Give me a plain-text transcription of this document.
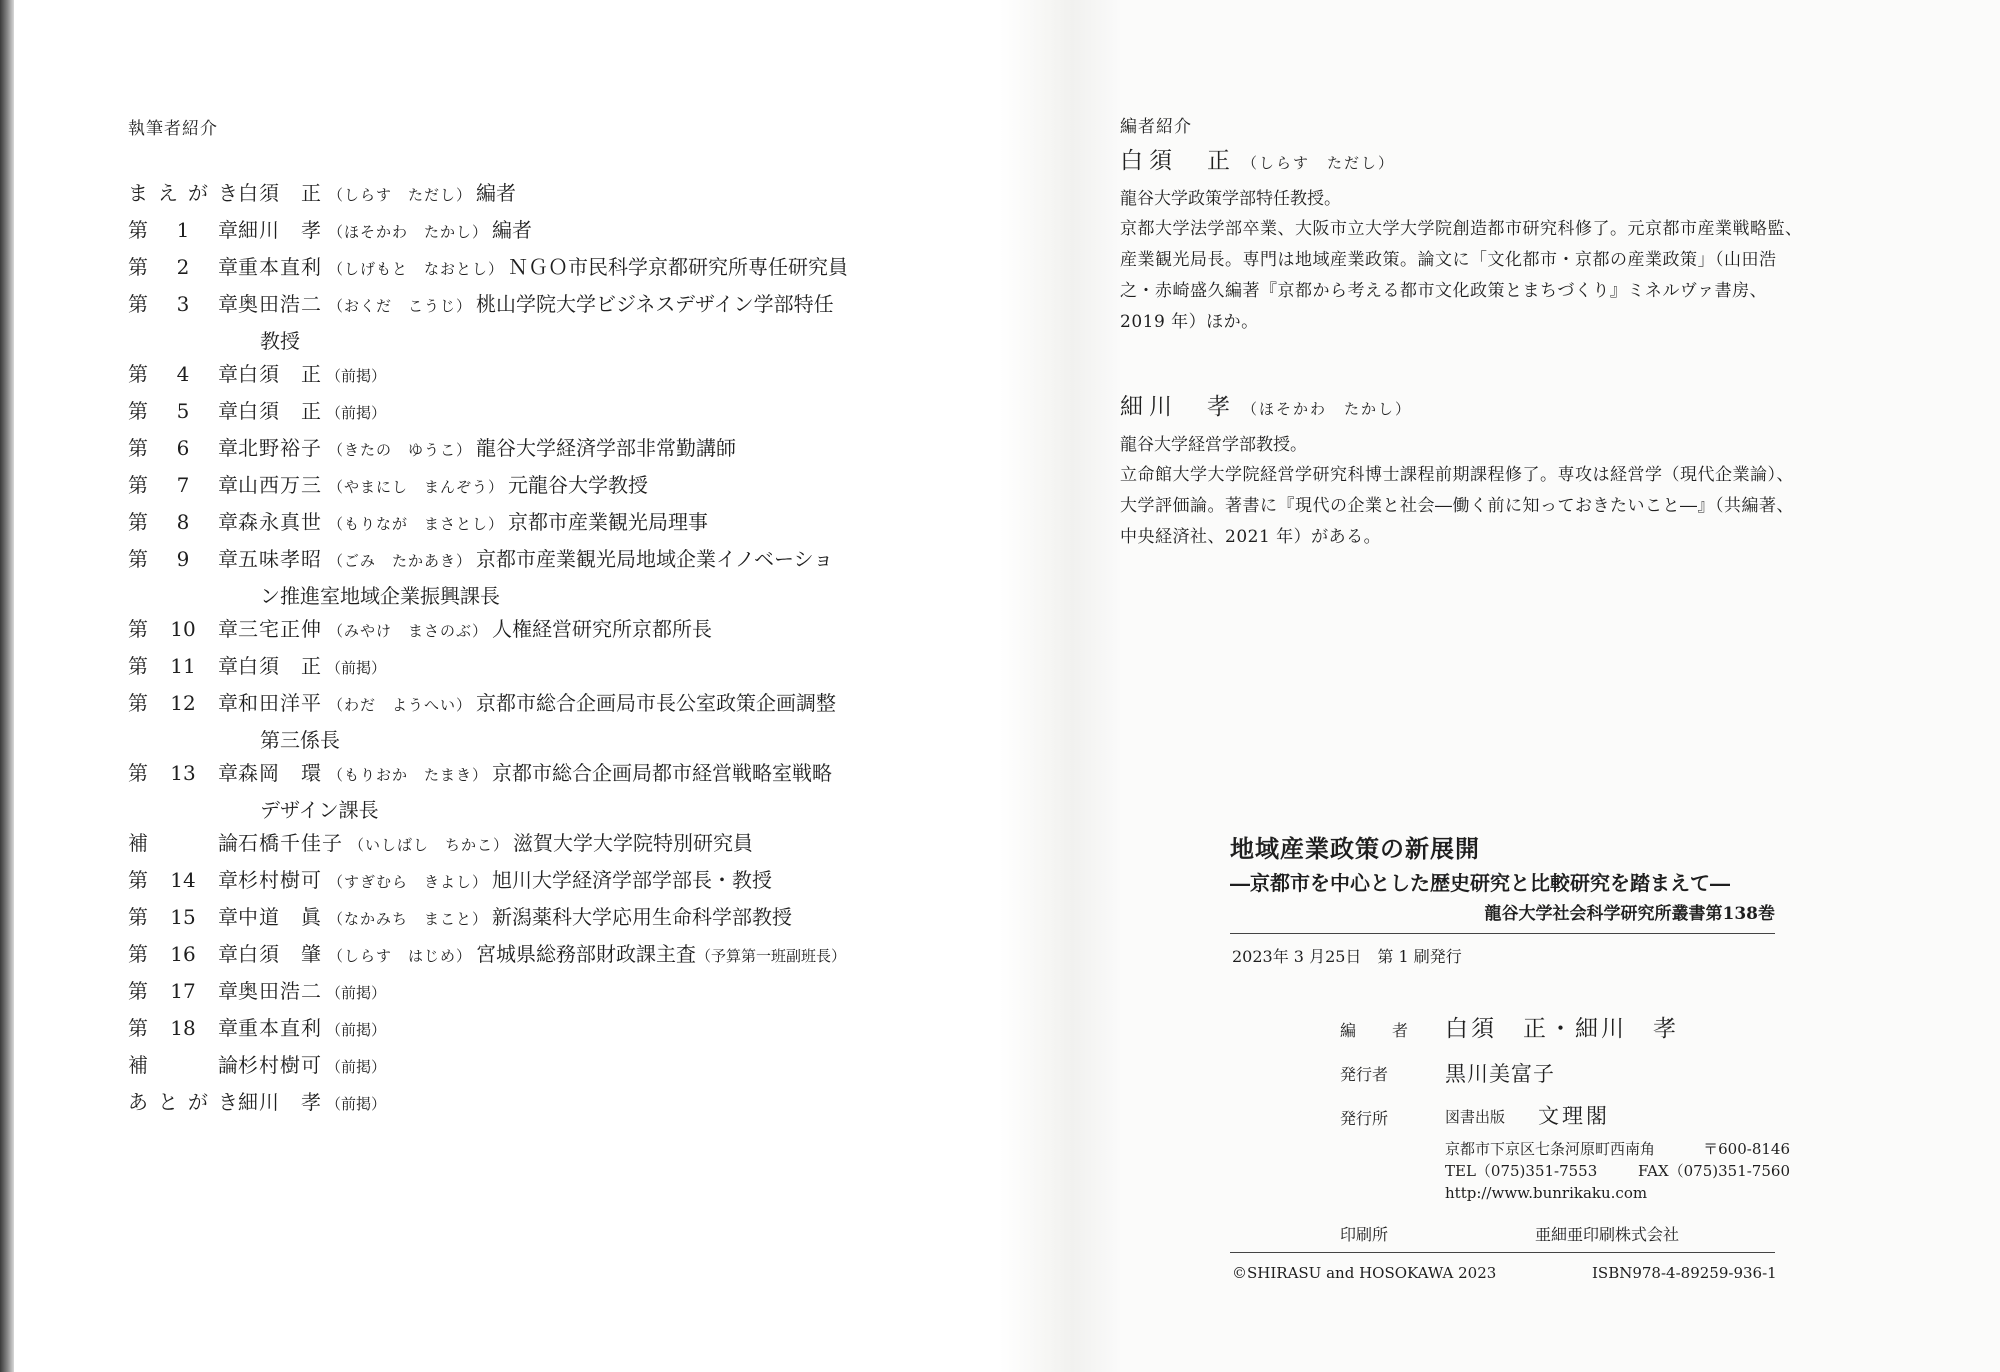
執筆者紹介
ま え が き 白須　正 （しらす　ただし） 編者
第 1 章 細川　孝 （ほそかわ　たかし） 編者
第 2 章 重本直利 （しげもと　なおとし） ＮＧＯ市民科学京都研究所専任研究員
第 3 章 奥田浩二 （おくだ　こうじ） 桃山学院大学ビジネスデザイン学部特任
教授
第 4 章 白須　正 （前掲）
第 5 章 白須　正 （前掲）
第 6 章 北野裕子 （きたの　ゆうこ） 龍谷大学経済学部非常勤講師
第 7 章 山西万三 （やまにし　まんぞう） 元龍谷大学教授
第 8 章 森永真世 （もりなが　まさとし） 京都市産業観光局理事
第 9 章 五味孝昭 （ごみ　たかあき） 京都市産業観光局地域企業イノベーショ
ン推進室地域企業振興課長
第 10 章 三宅正伸 （みやけ　まさのぶ） 人権経営研究所京都所長
第 11 章 白須　正 （前掲）
第 12 章 和田洋平 （わだ　ようへい） 京都市総合企画局市長公室政策企画調整
第三係長
第 13 章 森岡　環 （もりおか　たまき） 京都市総合企画局都市経営戦略室戦略
デザイン課長
補	論 石橋千佳子 （いしばし　ちかこ） 滋賀大学大学院特別研究員
第 14 章 杉村樹可 （すぎむら　きよし） 旭川大学経済学部学部長・教授
第 15 章 中道　眞 （なかみち　まこと） 新潟薬科大学応用生命科学部教授
第 16 章 白須　肇 （しらす　はじめ） 宮城県総務部財政課主査（予算第一班副班長）
第 17 章 奥田浩二 （前掲）
第 18 章 重本直利 （前掲）
補	論 杉村樹可 （前掲）
あ と が き 細川　孝 （前掲）
編者紹介
白須　正 （しらす　ただし）
龍谷大学政策学部特任教授。
京都大学法学部卒業、大阪市立大学大学院創造都市研究科修了。元京都市産業戦略監、
産業観光局長。専門は地域産業政策。論文に「文化都市・京都の産業政策」（山田浩
之・赤崎盛久編著『京都から考える都市文化政策とまちづくり』ミネルヴァ書房、
2019 年）ほか。
細川　孝 （ほそかわ　たかし）
龍谷大学経営学部教授。
立命館大学大学院経営学研究科博士課程前期課程修了。専攻は経営学（現代企業論）、
大学評価論。著書に『現代の企業と社会―働く前に知っておきたいこと―』（共編著、
中央経済社、2021 年）がある。
地域産業政策の新展開
―京都市を中心とした歴史研究と比較研究を踏まえて―
龍谷大学社会科学研究所叢書第138巻
2023年 3 月25日　第 1 刷発行
編　者 白須　正・細川　孝
発行者	黒川美富子
発行所	図書出版 文理閣
京都市下京区七条河原町西南角	〒600-8146
TEL（075)351-7553	FAX（075)351-7560
http://www.bunrikaku.com
印刷所	亜細亜印刷株式会社
©SHIRASU and HOSOKAWA 2023	ISBN978-4-89259-936-1
